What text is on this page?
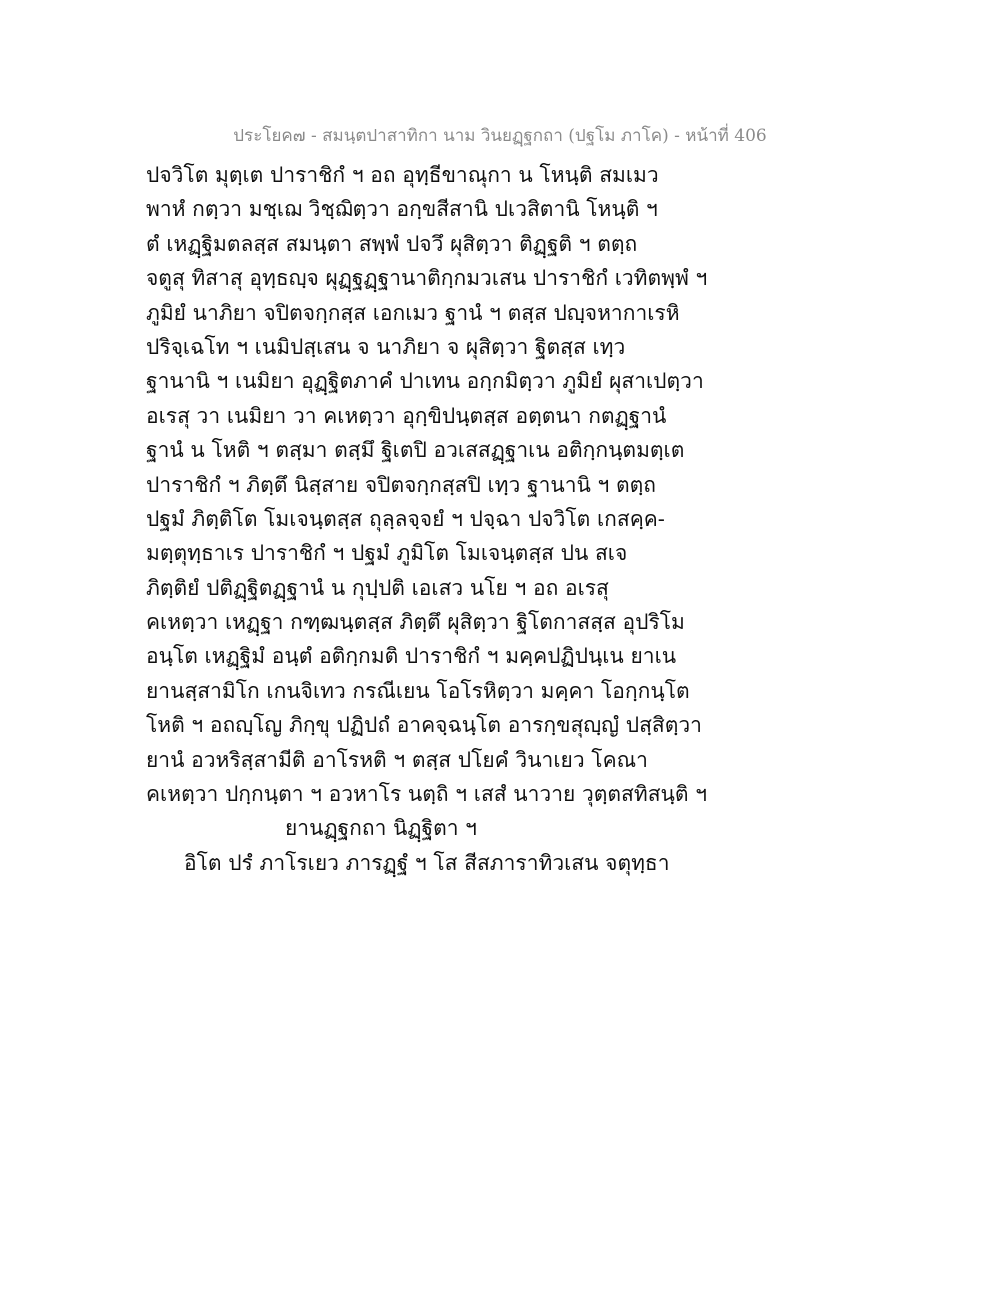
ประโยค๗ - สมนฺตปาสาทิกา นาม วินยฏฺฐกถา (ปฐโม ภาโค) - หน้าที่ 406
ปจวิโต มุตฺเต ปาราชิกํ ฯ อถ อุทฺธีขาณุกา น โหนฺติ สมเมว
พาหํ กตฺวา มชฺเฌ วิชฺฌิตฺวา อกฺขสีสานิ ปเวสิตานิ โหนฺติ ฯ
ตํ เหฏฺฐิมตลสฺส สมนฺตา สพฺพํ ปจวึ ผุสิตฺวา ติฏฺฐติ ฯ ตตฺถ
จตูสุ ทิสาสุ อุทฺธญฺจ ผุฏฺฐฏฺฐานาติกฺกมวเสน ปาราชิกํ เวทิตพฺพํ ฯ
ภูมิยํ นาภิยา จปิตจกฺกสฺส เอกเมว ฐานํ ฯ ตสฺส ปญฺจหากาเรหิ
ปริจฺเฉโท ฯ เนมิปสฺเสน จ นาภิยา จ ผุสิตฺวา ฐิตสฺส เทฺว
ฐานานิ ฯ เนมิยา อุฏฺฐิตภาคํ ปาเทน อกฺกมิตฺวา ภูมิยํ ผุสาเปตฺวา
อเรสุ วา เนมิยา วา คเหตฺวา อุกฺขิปนฺตสฺส อตฺตนา กตฏฺฐานํ
ฐานํ น โหติ ฯ ตสฺมา ตสฺมึ ฐิเตปิ อวเสสฏฺฐาเน อติกฺกนฺตมตฺเต
ปาราชิกํ ฯ ภิตฺตึ นิสฺสาย จปิตจกฺกสฺสปิ เทฺว ฐานานิ ฯ ตตฺถ
ปฐมํ ภิตฺติโต โมเจนฺตสฺส ถุลฺลจฺจยํ ฯ ปจฺฉา ปจวิโต เกสคฺค-
มตฺตุทฺธาเร ปาราชิกํ ฯ ปฐมํ ภูมิโต โมเจนฺตสฺส ปน สเจ
ภิตฺติยํ ปติฏฺฐิตฏฺฐานํ น กุปฺปติ เอเสว นโย ฯ อถ อเรสุ
คเหตฺวา เหฏฺฐา กฑฺฒนฺตสฺส ภิตฺตึ ผุสิตฺวา ฐิโตกาสสฺส อุปริโม
อนฺโต เหฏฺฐิมํ อนฺตํ อติกฺกมติ ปาราชิกํ ฯ มคฺคปฏิปนฺเน ยาเน
ยานสฺสามิโก เกนจิเทว กรณีเยน โอโรหิตฺวา มคฺคา โอกฺกนฺโต
โหติ ฯ อถญฺโญ ภิกฺขุ ปฏิปถํ อาคจฺฉนฺโต อารกฺขสุญฺญํ ปสฺสิตฺวา
ยานํ อวหริสฺสามีติ อาโรหติ ฯ ตสฺส ปโยคํ วินาเยว โคณา
คเหตฺวา ปกฺกนฺตา ฯ อวหาโร นตฺถิ ฯ เสสํ นาวาย วุตฺตสทิสนฺติ ฯ
ยานฏฺฐกถา นิฏฺฐิตา ฯ
อิโต ปรํ ภาโรเยว ภารฏฺฐํ ฯ โส สีสภาราทิวเสน จตุทฺธา
